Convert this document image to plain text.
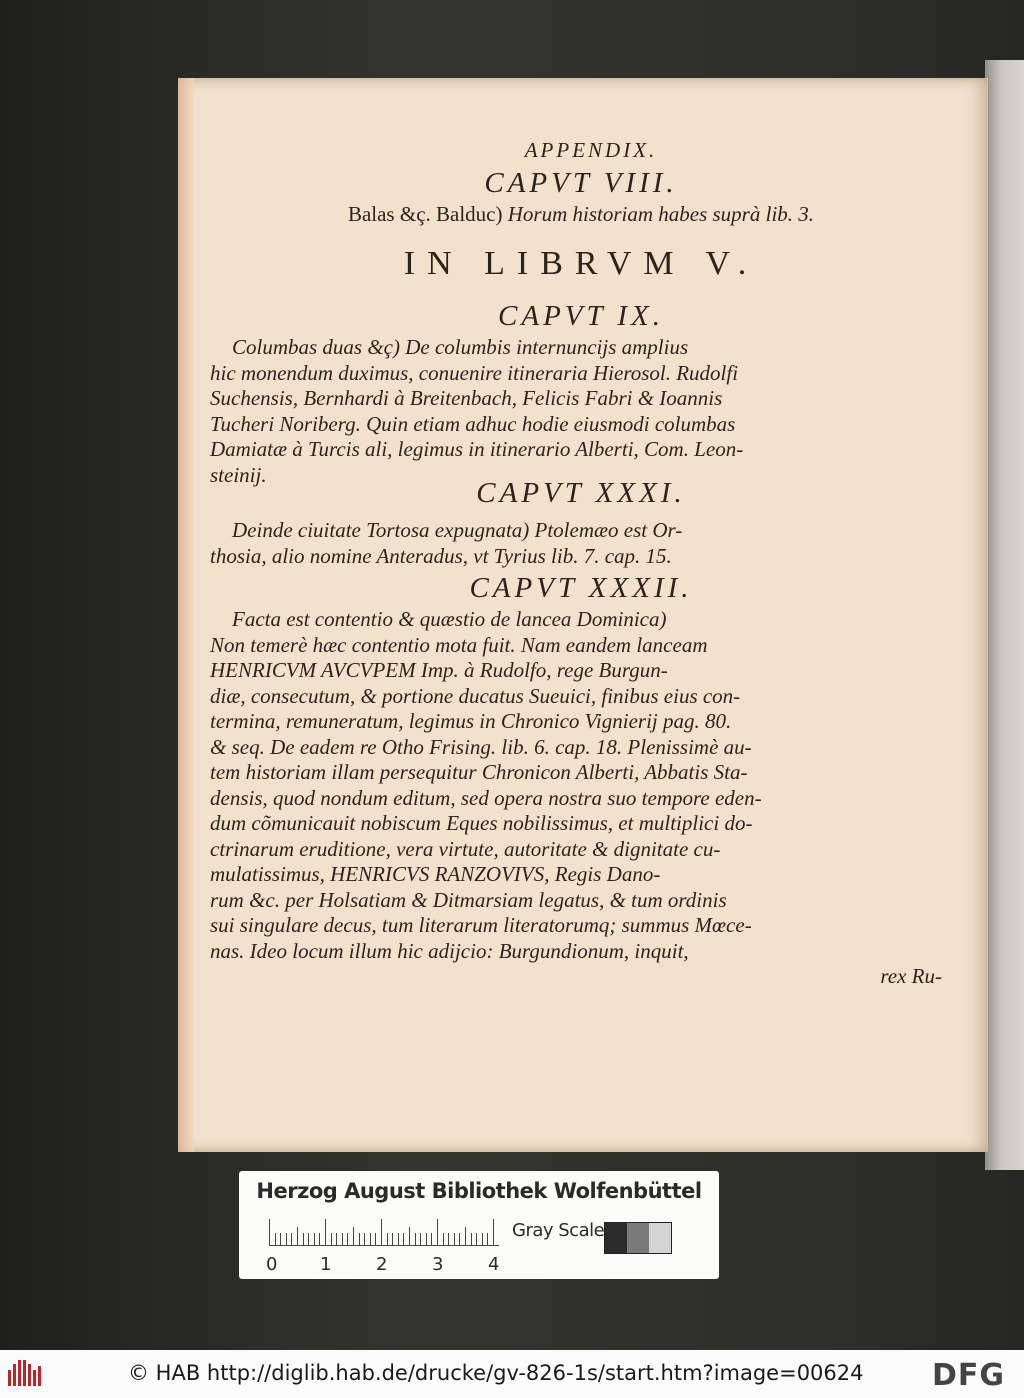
APPENDIX.
CAPVT VIII.
Balas &ç. Balduc) Horum historiam habes suprà lib. 3.
IN LIBRVM V.
CAPVT IX.
Columbas duas &ç) De columbis internuncijs amplius
hic monendum duximus, conuenire itineraria Hierosol. Rudolfi
Suchensis, Bernhardi à Breitenbach, Felicis Fabri & Ioannis
Tucheri Noriberg. Quin etiam adhuc hodie eiusmodi columbas
Damiatæ à Turcis ali, legimus in itinerario Alberti, Com. Leon-
steinij.
CAPVT XXXI.
Deinde ciuitate Tortosa expugnata) Ptolemæo est Or-
thosia, alio nomine Anteradus, vt Tyrius lib. 7. cap. 15.
CAPVT XXXII.
Facta est contentio & quæstio de lancea Dominica)
Non temerè hæc contentio mota fuit. Nam eandem lanceam
HENRICVM AVCVPEM Imp. à Rudolfo, rege Burgun-
diæ, consecutum, & portione ducatus Sueuici, finibus eius con-
termina, remuneratum, legimus in Chronico Vignierij pag. 80.
& seq. De eadem re Otho Frising. lib. 6. cap. 18. Plenissimè au-
tem historiam illam persequitur Chronicon Alberti, Abbatis Sta-
densis, quod nondum editum, sed opera nostra suo tempore eden-
dum cõmunicauit nobiscum Eques nobilissimus, et multiplici do-
ctrinarum eruditione, vera virtute, autoritate & dignitate cu-
mulatissimus, HENRICVS RANZOVIVS, Regis Dano-
rum &c. per Holsatiam & Ditmarsiam legatus, & tum ordinis
sui singulare decus, tum literarum literatorumq; summus Mœce-
nas. Ideo locum illum hic adijcio: Burgundionum, inquit,
rex Ru-
Herzog August Bibliothek Wolfenbüttel
0 1 2 3 4
Gray Scale
© HAB http://diglib.hab.de/drucke/gv-826-1s/start.htm?image=00624 DFG
